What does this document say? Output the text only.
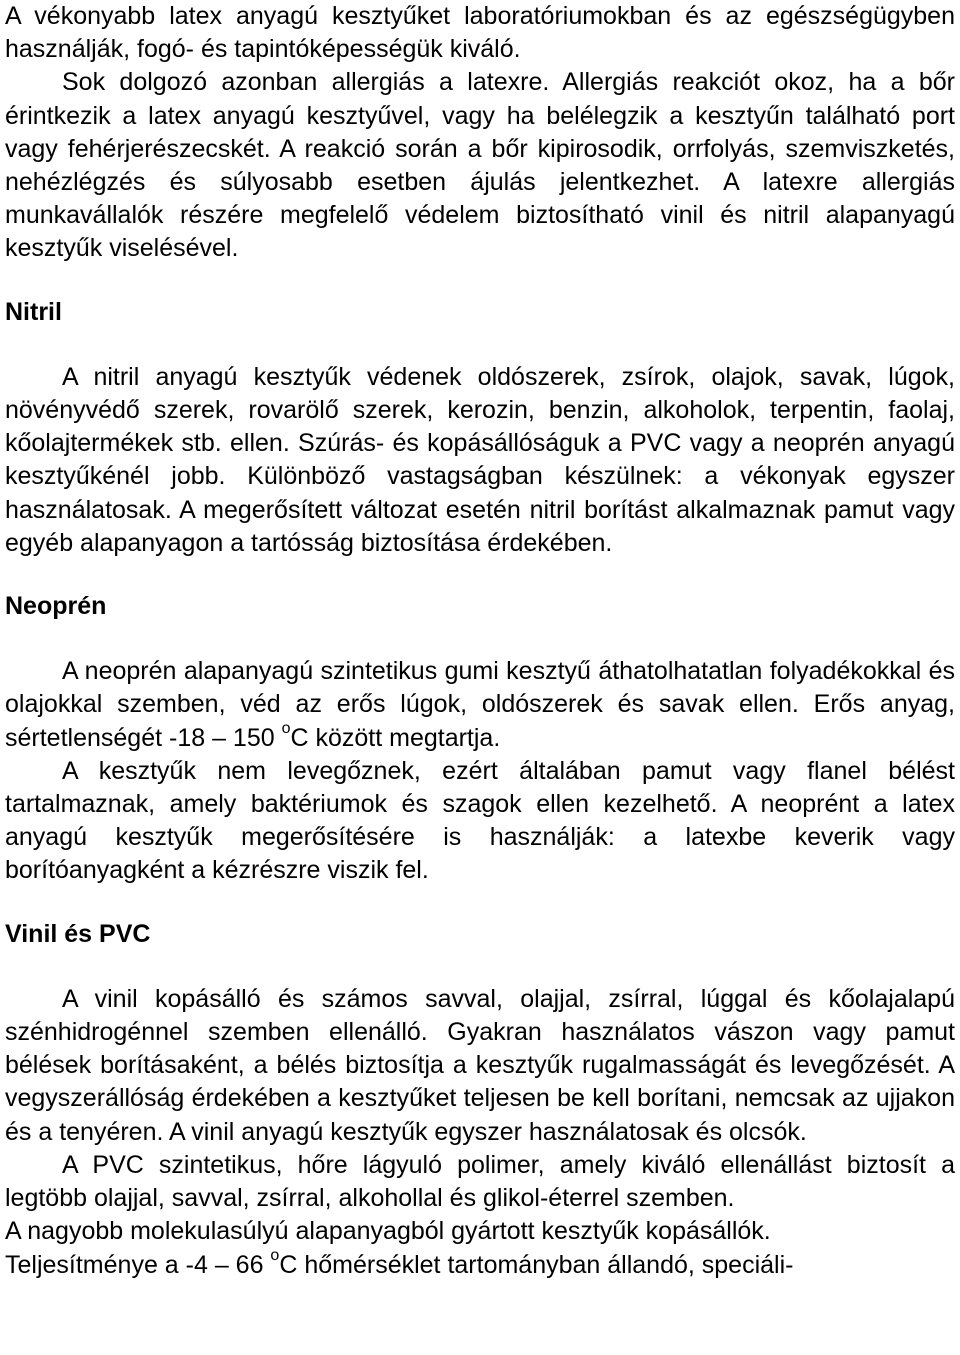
A vékonyabb latex anyagú kesztyűket laboratóriumokban és az egészségügyben használják, fogó- és tapintóképességük kiváló.

Sok dolgozó azonban allergiás a latexre. Allergiás reakciót okoz, ha a bőr érintkezik a latex anyagú kesztyűvel, vagy ha belélegzik a kesztyűn található port vagy fehérjerészecskét. A reakció során a bőr kipirosodik, orrfolyás, szemviszketés, nehézlégzés és súlyosabb esetben ájulás jelentkezhet. A latexre allergiás munkavállalók részére megfelelő védelem biztosítható vinil és nitril alapanyagú kesztyűk viselésével.

Nitril

A nitril anyagú kesztyűk védenek oldószerek, zsírok, olajok, savak, lúgok, növényvédő szerek, rovarölő szerek, kerozin, benzin, alkoholok, terpentin, faolaj, kőolajtermékek stb. ellen. Szúrás- és kopásállóságuk a PVC vagy a neoprén anyagú kesztyűkénél jobb. Különböző vastagságban készülnek: a vékonyak egyszer használatosak. A megerősített változat esetén nitril borítást alkalmaznak pamut vagy egyéb alapanyagon a tartósság biztosítása érdekében.

Neoprén

A neoprén alapanyagú szintetikus gumi kesztyű áthatolhatatlan folyadékokkal és olajokkal szemben, véd az erős lúgok, oldószerek és savak ellen. Erős anyag, sértetlenségét -18 – 150 $^o$C között megtartja.

A kesztyűk nem levegőznek, ezért általában pamut vagy flanel bélést tartalmaznak, amely baktériumok és szagok ellen kezelhető. A neoprént a latex anyagú kesztyűk megerősítésére is használják: a latexbe keverik vagy borítóanyagként a kézrészre viszik fel.

Vinil és PVC

A vinil kopásálló és számos savval, olajjal, zsírral, lúggal és kőolajalapú szénhidrogénnel szemben ellenálló. Gyakran használatos vászon vagy pamut bélések borításaként, a bélés biztosítja a kesztyűk rugalmasságát és levegőzését. A vegyszerállóság érdekében a kesztyűket teljesen be kell borítani, nemcsak az ujjakon és a tenyéren. A vinil anyagú kesztyűk egyszer használatosak és olcsók.

A PVC szintetikus, hőre lágyuló polimer, amely kiváló ellenállást biztosít a legtöbb olajjal, savval, zsírral, alkohollal és glikol-éterrel szemben.

A nagyobb molekulasúlyú alapanyagból gyártott kesztyűk kopásállók.

Teljesítménye a -4 – 66 $^o$C hőmérséklet tartományban állandó, speciáli-
